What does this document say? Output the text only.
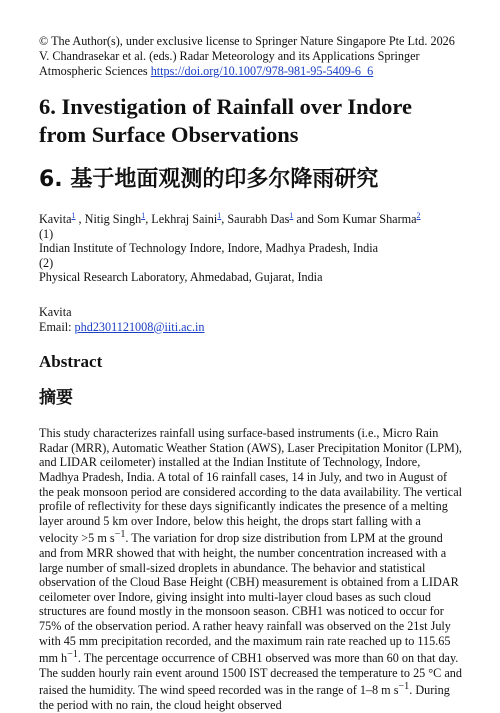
© The Author(s), under exclusive license to Springer Nature Singapore Pte Ltd. 2026
V. Chandrasekar et al. (eds.) Radar Meteorology and its Applications Springer Atmospheric Sciences https://doi.org/10.1007/978-981-95-5409-6_6
6. Investigation of Rainfall over Indore from Surface Observations
6. 基于地面观测的印多尔降雨研究
Kavita$^1$ , Nitig Singh$^1$, Lekhraj Saini$^1$, Saurabh Das$^1$ and Som Kumar Sharma$^2$
(1)
Indian Institute of Technology Indore, Indore, Madhya Pradesh, India
(2)
Physical Research Laboratory, Ahmedabad, Gujarat, India
Kavita
Email: phd2301121008@iiti.ac.in
Abstract
摘要
This study characterizes rainfall using surface-based instruments (i.e., Micro Rain Radar (MRR), Automatic Weather Station (AWS), Laser Precipitation Monitor (LPM), and LIDAR ceilometer) installed at the Indian Institute of Technology, Indore, Madhya Pradesh, India. A total of 16 rainfall cases, 14 in July, and two in August of the peak monsoon period are considered according to the data availability. The vertical profile of reflectivity for these days significantly indicates the presence of a melting layer around 5 km over Indore, below this height, the drops start falling with a velocity >5 m $s^{-1}$. The variation for drop size distribution from LPM at the ground and from MRR showed that with height, the number concentration increased with a large number of small-sized droplets in abundance. The behavior and statistical observation of the Cloud Base Height (CBH) measurement is obtained from a LIDAR ceilometer over Indore, giving insight into multi-layer cloud bases as such cloud structures are found mostly in the monsoon season. CBH1 was noticed to occur for 75% of the observation period. A rather heavy rainfall was observed on the 21st July with 45 mm precipitation recorded, and the maximum rain rate reached up to 115.65 mm $h^{-1}$. The percentage occurrence of CBH1 observed was more than 60 on that day. The sudden hourly rain event around 1500 IST decreased the temperature to 25 °C and raised the humidity. The wind speed recorded was in the range of 1–8 m $s^{-1}$. During the period with no rain, the cloud height observed
